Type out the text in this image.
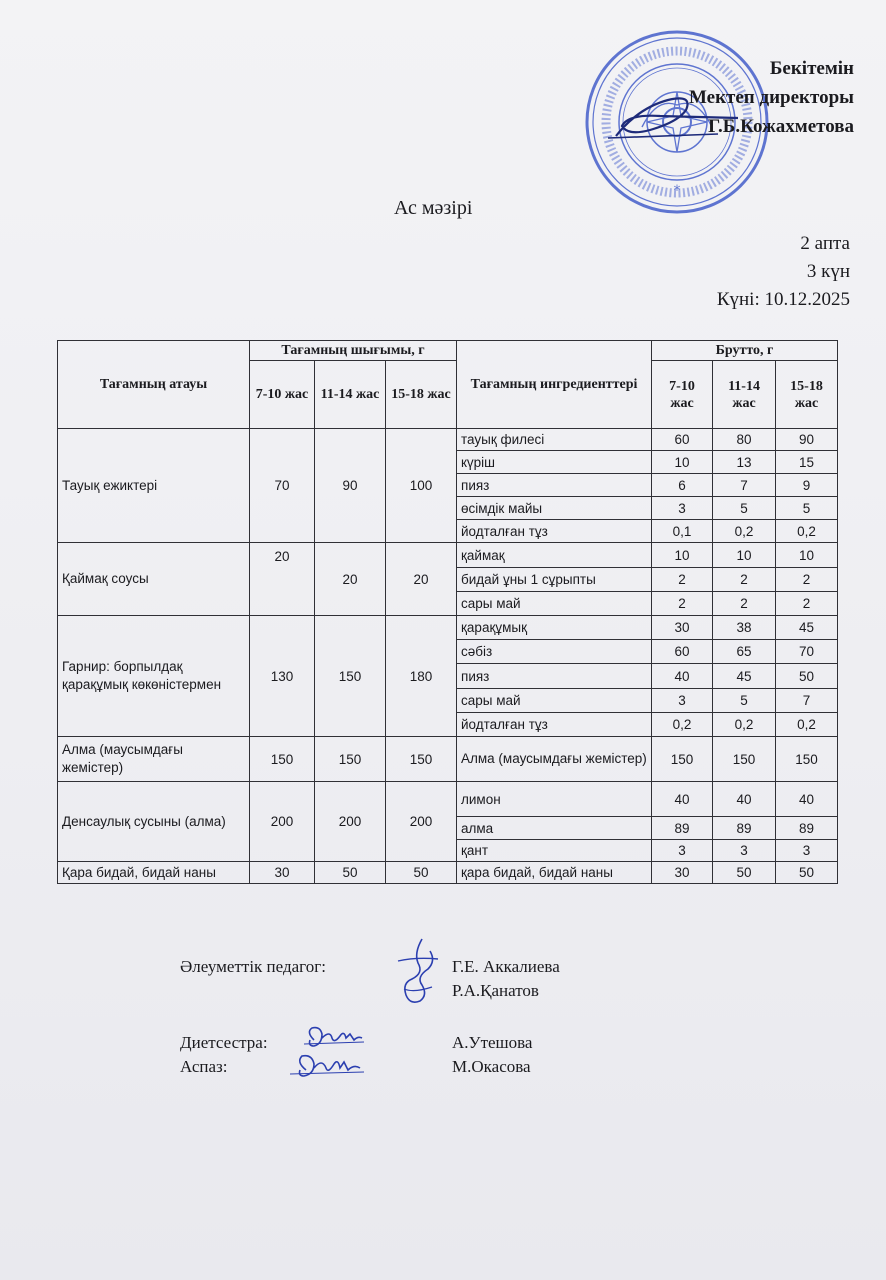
*
Бекітемін
Мектеп директоры
Г.Б.Кожахметова
Ас мәзірі
2 апта
3 күн
Күні: 10.12.2025
Тағамның атауы	Тағамның шығымы, г			Тағамның ингредиенттері	Брутто, г		
	7-10 жас	11-14 жас	15-18 жас		7-10 жас	11-14 жас	15-18 жас
Тауық ежиктері	70	90	100	тауық филесі	60	80	90
				күріш	10	13	15
				пияз	6	7	9
				өсімдік майы	3	5	5
				йодталған тұз	0,1	0,2	0,2
Қаймақ соусы	20	20	20	қаймақ	10	10	10
				бидай ұны 1 сұрыпты	2	2	2
				сары май	2	2	2
Гарнир: борпылдақ қарақұмық көкөністермен	130	150	180	қарақұмық	30	38	45
				сәбіз	60	65	70
				пияз	40	45	50
				сары май	3	5	7
				йодталған тұз	0,2	0,2	0,2
Алма (маусымдағы жемістер)	150	150	150	Алма (маусымдағы жемістер)	150	150	150
Денсаулық сусыны (алма)	200	200	200	лимон	40	40	40
				алма	89	89	89
				қант	3	3	3
Қара бидай, бидай наны	30	50	50	қара бидай, бидай наны	30	50	50
Әлеуметтік педагог:	Г.Е. Аккалиева
Р.А.Қанатов
Диетсестра:	А.Утешова
Аспаз:	М.Окасова
